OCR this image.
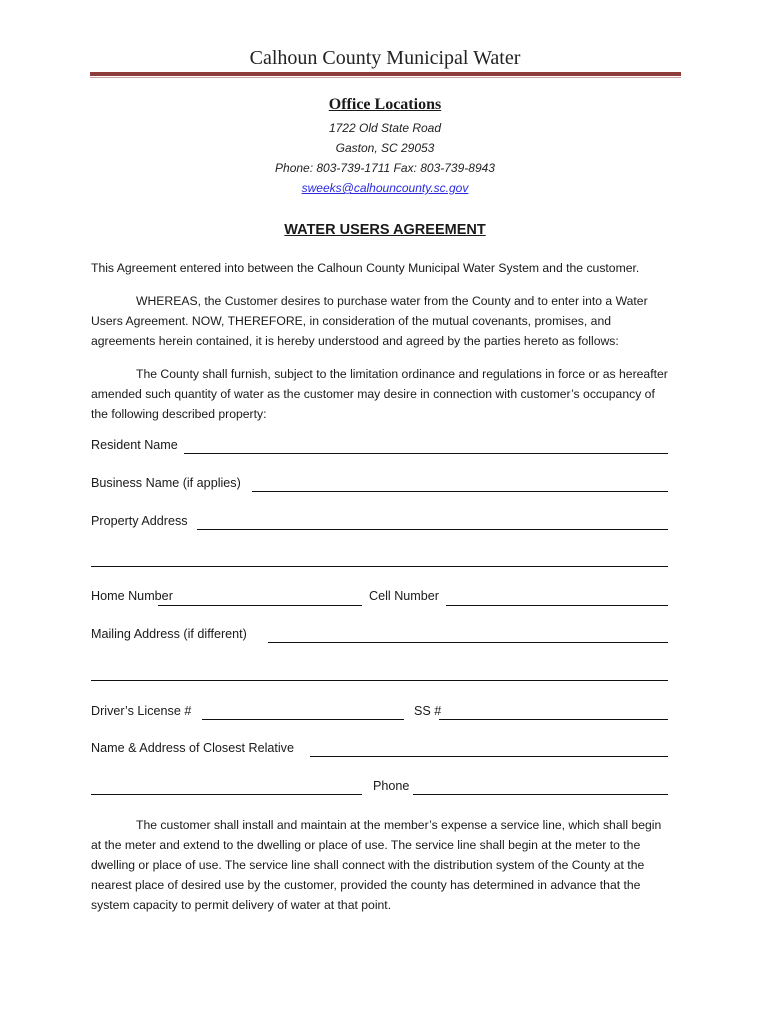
Calhoun County Municipal Water
Office Locations
1722 Old State Road
Gaston, SC 29053
Phone: 803-739-1711 Fax: 803-739-8943
sweeks@calhouncounty.sc.gov
WATER USERS AGREEMENT
This Agreement entered into between the Calhoun County Municipal Water System and the customer.
WHEREAS, the Customer desires to purchase water from the County and to enter into a Water Users Agreement. NOW, THEREFORE, in consideration of the mutual covenants, promises, and agreements herein contained, it is hereby understood and agreed by the parties hereto as follows:
The County shall furnish, subject to the limitation ordinance and regulations in force or as hereafter amended such quantity of water as the customer may desire in connection with customer’s occupancy of the following described property:
Resident Name
Business Name (if applies)
Property Address
Home Number	Cell Number
Mailing Address (if different)
Driver’s License #	SS #
Name & Address of Closest Relative
Phone
The customer shall install and maintain at the member’s expense a service line, which shall begin at the meter and extend to the dwelling or place of use. The service line shall begin at the meter to the dwelling or place of use. The service line shall connect with the distribution system of the County at the nearest place of desired use by the customer, provided the county has determined in advance that the system capacity to permit delivery of water at that point.
